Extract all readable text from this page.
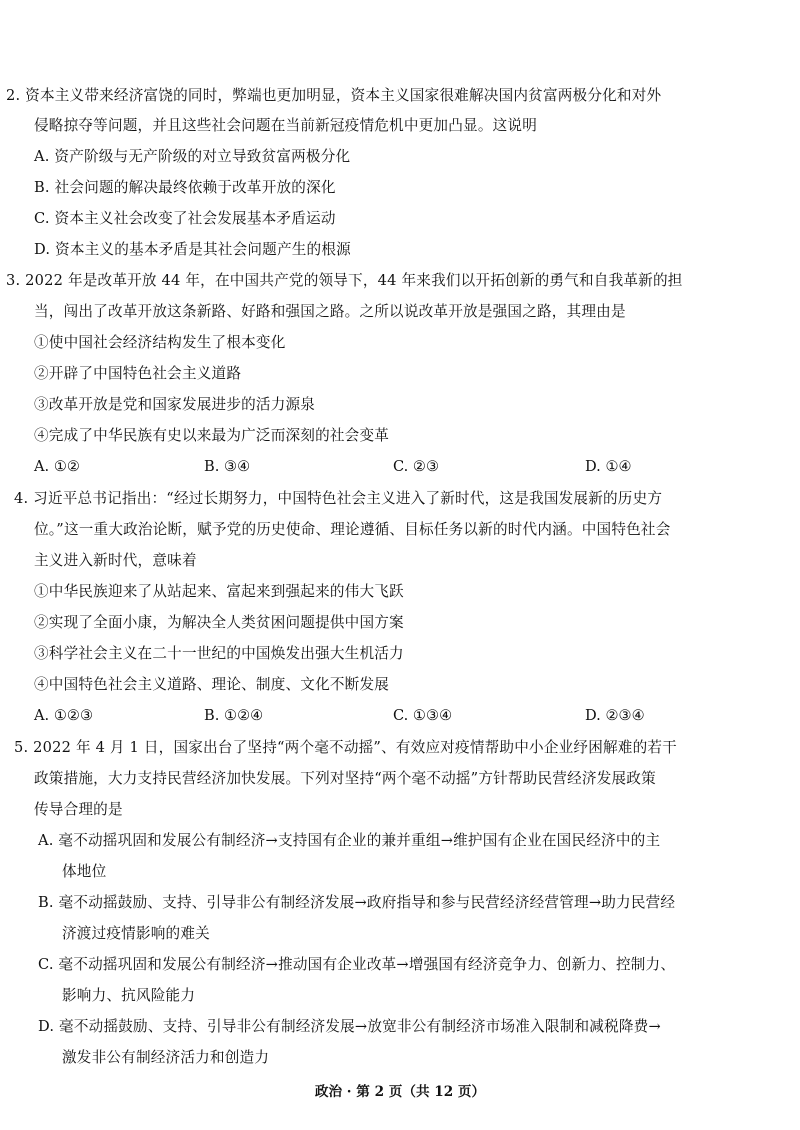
2. 资本主义带来经济富饶的同时，弊端也更加明显，资本主义国家很难解决国内贫富两极分化和对外
侵略掠夺等问题，并且这些社会问题在当前新冠疫情危机中更加凸显。这说明
A. 资产阶级与无产阶级的对立导致贫富两极分化
B. 社会问题的解决最终依赖于改革开放的深化
C. 资本主义社会改变了社会发展基本矛盾运动
D. 资本主义的基本矛盾是其社会问题产生的根源
3. 2022 年是改革开放 44 年，在中国共产党的领导下，44 年来我们以开拓创新的勇气和自我革新的担
当，闯出了改革开放这条新路、好路和强国之路。之所以说改革开放是强国之路，其理由是
①使中国社会经济结构发生了根本变化
②开辟了中国特色社会主义道路
③改革开放是党和国家发展进步的活力源泉
④完成了中华民族有史以来最为广泛而深刻的社会变革
A. ①②	B. ③④	C. ②③	D. ①④
4. 习近平总书记指出：“经过长期努力，中国特色社会主义进入了新时代，这是我国发展新的历史方
位。”这一重大政治论断，赋予党的历史使命、理论遵循、目标任务以新的时代内涵。中国特色社会
主义进入新时代，意味着
①中华民族迎来了从站起来、富起来到强起来的伟大飞跃
②实现了全面小康，为解决全人类贫困问题提供中国方案
③科学社会主义在二十一世纪的中国焕发出强大生机活力
④中国特色社会主义道路、理论、制度、文化不断发展
A. ①②③	B. ①②④	C. ①③④	D. ②③④
5. 2022 年 4 月 1 日，国家出台了坚持“两个毫不动摇”、有效应对疫情帮助中小企业纾困解难的若干
政策措施，大力支持民营经济加快发展。下列对坚持“两个毫不动摇”方针帮助民营经济发展政策
传导合理的是
A. 毫不动摇巩固和发展公有制经济→支持国有企业的兼并重组→维护国有企业在国民经济中的主
体地位
B. 毫不动摇鼓励、支持、引导非公有制经济发展→政府指导和参与民营经济经营管理→助力民营经
济渡过疫情影响的难关
C. 毫不动摇巩固和发展公有制经济→推动国有企业改革→增强国有经济竞争力、创新力、控制力、
影响力、抗风险能力
D. 毫不动摇鼓励、支持、引导非公有制经济发展→放宽非公有制经济市场准入限制和减税降费→
激发非公有制经济活力和创造力
政治 · 第 2 页（共 12 页）
